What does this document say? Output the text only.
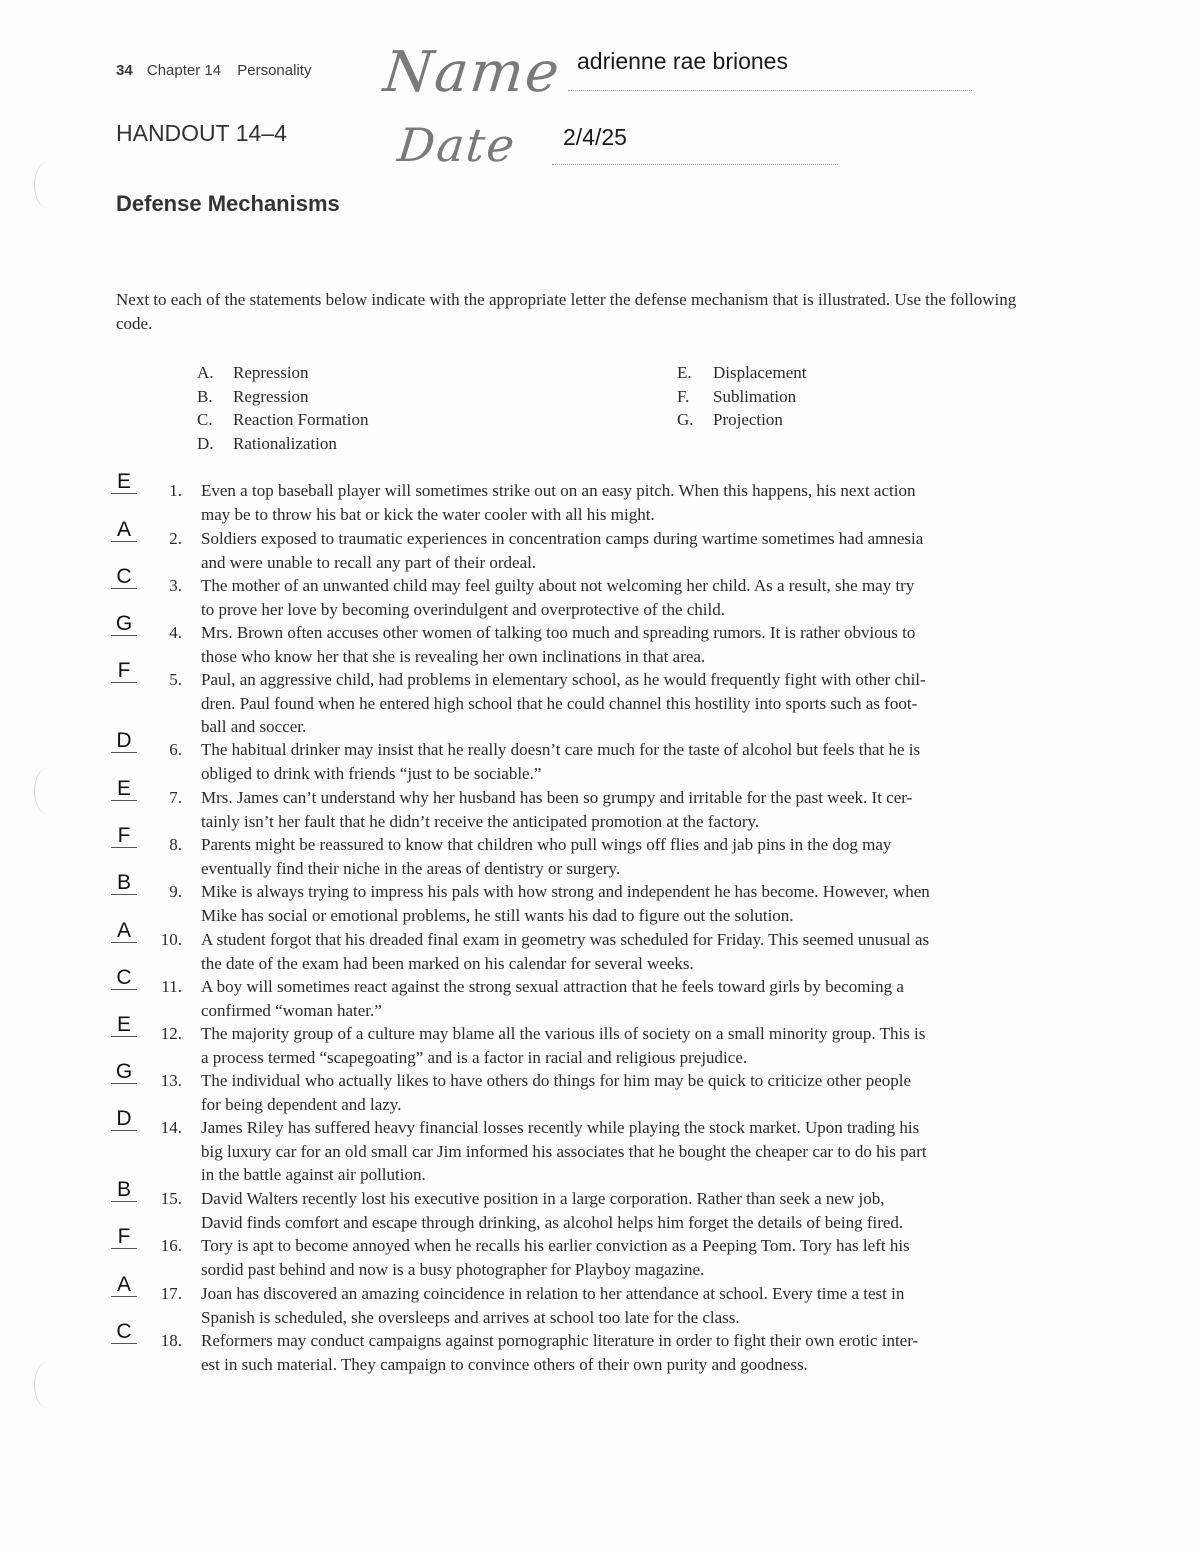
34 Chapter 14 Personality Name
Date
adrienne rae briones
2/4/25
HANDOUT 14–4
Defense Mechanisms
Next to each of the statements below indicate with the appropriate letter the defense mechanism that is illustrated. Use the following code.
A. Repression
B. Regression
C. Reaction Formation
D. Rationalization
E. Displacement
F. Sublimation
G. Projection
E	1. Even a top baseball player will sometimes strike out on an easy pitch. When this happens, his next action
may be to throw his bat or kick the water cooler with all his might.
A	2. Soldiers exposed to traumatic experiences in concentration camps during wartime sometimes had amnesia
and were unable to recall any part of their ordeal.
C	3. The mother of an unwanted child may feel guilty about not welcoming her child. As a result, she may try
to prove her love by becoming overindulgent and overprotective of the child.
G	4. Mrs. Brown often accuses other women of talking too much and spreading rumors. It is rather obvious to
those who know her that she is revealing her own inclinations in that area.
F	5. Paul, an aggressive child, had problems in elementary school, as he would frequently fight with other chil-
dren. Paul found when he entered high school that he could channel this hostility into sports such as foot-
ball and soccer.
D	6. The habitual drinker may insist that he really doesn’t care much for the taste of alcohol but feels that he is
obliged to drink with friends “just to be sociable.”
E	7. Mrs. James can’t understand why her husband has been so grumpy and irritable for the past week. It cer-
tainly isn’t her fault that he didn’t receive the anticipated promotion at the factory.
F	8. Parents might be reassured to know that children who pull wings off flies and jab pins in the dog may
eventually find their niche in the areas of dentistry or surgery.
B	9. Mike is always trying to impress his pals with how strong and independent he has become. However, when
Mike has social or emotional problems, he still wants his dad to figure out the solution.
A	10. A student forgot that his dreaded final exam in geometry was scheduled for Friday. This seemed unusual as
the date of the exam had been marked on his calendar for several weeks.
C	11. A boy will sometimes react against the strong sexual attraction that he feels toward girls by becoming a
confirmed “woman hater.”
E	12. The majority group of a culture may blame all the various ills of society on a small minority group. This is
a process termed “scapegoating” and is a factor in racial and religious prejudice.
G	13. The individual who actually likes to have others do things for him may be quick to criticize other people
for being dependent and lazy.
D	14. James Riley has suffered heavy financial losses recently while playing the stock market. Upon trading his
big luxury car for an old small car Jim informed his associates that he bought the cheaper car to do his part
in the battle against air pollution.
B	15. David Walters recently lost his executive position in a large corporation. Rather than seek a new job,
David finds comfort and escape through drinking, as alcohol helps him forget the details of being fired.
F	16. Tory is apt to become annoyed when he recalls his earlier conviction as a Peeping Tom. Tory has left his
sordid past behind and now is a busy photographer for Playboy magazine.
A	17. Joan has discovered an amazing coincidence in relation to her attendance at school. Every time a test in
Spanish is scheduled, she oversleeps and arrives at school too late for the class.
C	18. Reformers may conduct campaigns against pornographic literature in order to fight their own erotic inter-
est in such material. They campaign to convince others of their own purity and goodness.
